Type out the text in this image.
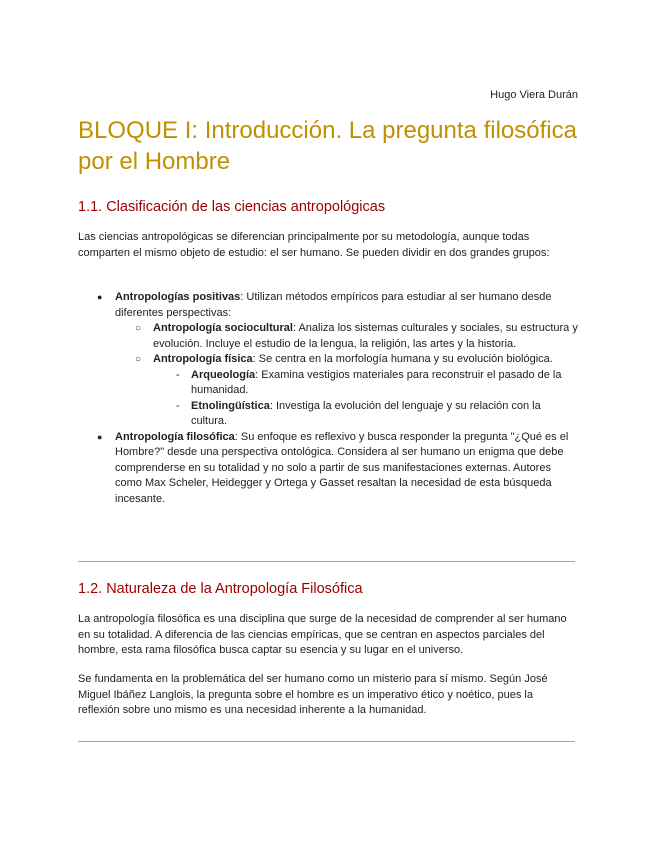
Hugo Viera Durán
BLOQUE I: Introducción. La pregunta filosófica por el Hombre
1.1. Clasificación de las ciencias antropológicas

Las ciencias antropológicas se diferencian principalmente por su metodología, aunque todas comparten el mismo objeto de estudio: el ser humano. Se pueden dividir en dos grandes grupos:

● Antropologías positivas: Utilizan métodos empíricos para estudiar al ser humano desde diferentes perspectivas:
○ Antropología sociocultural: Analiza los sistemas culturales y sociales, su estructura y evolución. Incluye el estudio de la lengua, la religión, las artes y la historia.
○ Antropología física: Se centra en la morfología humana y su evolución biológica.
- Arqueología: Examina vestigios materiales para reconstruir el pasado de la humanidad.
- Etnolingüística: Investiga la evolución del lenguaje y su relación con la cultura.
● Antropología filosófica: Su enfoque es reflexivo y busca responder la pregunta "¿Qué es el Hombre?" desde una perspectiva ontológica. Considera al ser humano un enigma que debe comprenderse en su totalidad y no solo a partir de sus manifestaciones externas. Autores como Max Scheler, Heidegger y Ortega y Gasset resaltan la necesidad de esta búsqueda incesante.
1.2. Naturaleza de la Antropología Filosófica

La antropología filosófica es una disciplina que surge de la necesidad de comprender al ser humano en su totalidad. A diferencia de las ciencias empíricas, que se centran en aspectos parciales del hombre, esta rama filosófica busca captar su esencia y su lugar en el universo.

Se fundamenta en la problemática del ser humano como un misterio para sí mismo. Según José Miguel Ibáñez Langlois, la pregunta sobre el hombre es un imperativo ético y noético, pues la reflexión sobre uno mismo es una necesidad inherente a la humanidad.
